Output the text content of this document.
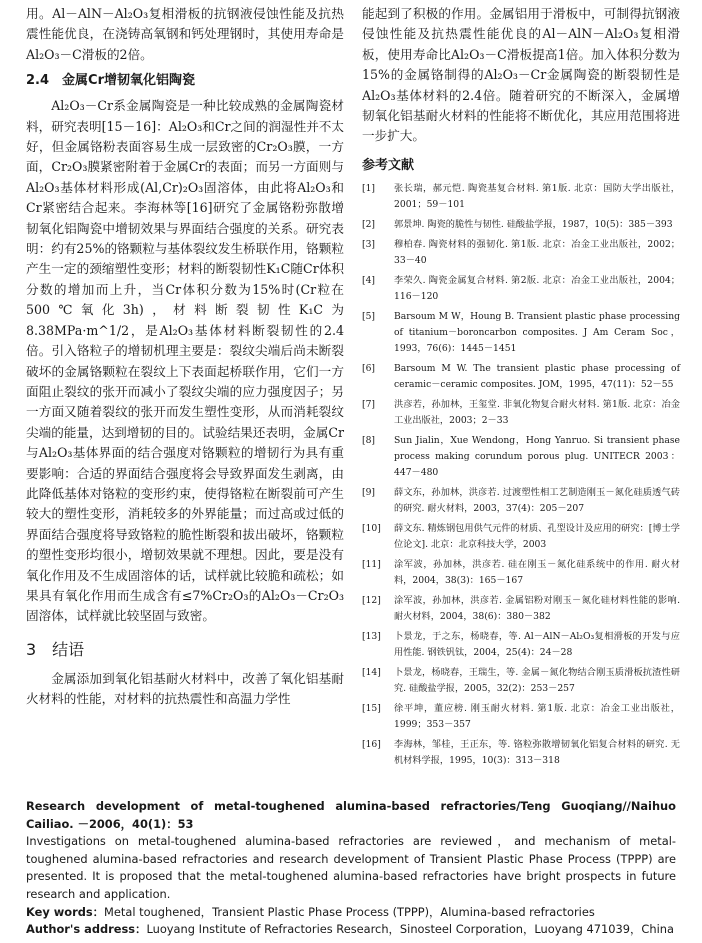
用。Al－AlN－Al₂O₃复相滑板的抗钢液侵蚀性能及抗热震性能优良，在浇铸高氧钢和钙处理钢时，其使用寿命是Al₂O₃－C滑板的2倍。

2.4　金属Cr增韧氧化铝陶瓷

Al₂O₃－Cr系金属陶瓷是一种比较成熟的金属陶瓷材料，研究表明[15－16]：Al₂O₃和Cr之间的润湿性并不太好，但金属铬粉表面容易生成一层致密的Cr₂O₃膜，一方面，Cr₂O₃膜紧密附着于金属Cr的表面；而另一方面则与Al₂O₃基体材料形成(Al,Cr)₂O₃固溶体，由此将Al₂O₃和Cr紧密结合起来。李海林等[16]研究了金属铬粉弥散增韧氧化铝陶瓷中增韧效果与界面结合强度的关系。研究表明：约有25%的铬颗粒与基体裂纹发生桥联作用，铬颗粒产生一定的颈缩塑性变形；材料的断裂韧性K₁C随Cr体积分数的增加而上升，当Cr体积分数为15%时(Cr粒在500℃氧化3h)，材料断裂韧性K₁C为8.38MPa·m^1/2，是Al₂O₃基体材料断裂韧性的2.4倍。引入铬粒子的增韧机理主要是：裂纹尖端后尚未断裂破坏的金属铬颗粒在裂纹上下表面起桥联作用，它们一方面阻止裂纹的张开而减小了裂纹尖端的应力强度因子；另一方面又随着裂纹的张开而发生塑性变形，从而消耗裂纹尖端的能量，达到增韧的目的。试验结果还表明，金属Cr与Al₂O₃基体界面的结合强度对铬颗粒的增韧行为具有重要影响：合适的界面结合强度将会导致界面发生剥离，由此降低基体对铬粒的变形约束，使得铬粒在断裂前可产生较大的塑性变形，消耗较多的外界能量；而过高或过低的界面结合强度将导致铬粒的脆性断裂和拔出破坏，铬颗粒的塑性变形均很小，增韧效果就不理想。因此，要是没有氧化作用及不生成固溶体的话，试样就比较脆和疏松；如果具有氧化作用而生成含有≤7%Cr₂O₃的Al₂O₃－Cr₂O₃固溶体，试样就比较坚固与致密。

3　结语

金属添加到氧化铝基耐火材料中，改善了氧化铝基耐火材料的性能，对材料的抗热震性和高温力学性

能起到了积极的作用。金属铝用于滑板中，可制得抗钢液侵蚀性能及抗热震性能优良的Al－AlN－Al₂O₃复相滑板，使用寿命比Al₂O₃－C滑板提高1倍。加入体积分数为15%的金属铬制得的Al₂O₃－Cr金属陶瓷的断裂韧性是Al₂O₃基体材料的2.4倍。随着研究的不断深入，金属增韧氧化铝基耐火材料的性能将不断优化，其应用范围将进一步扩大。

参考文献
[1]	张长瑞，郝元恺. 陶瓷基复合材料. 第1版. 北京：国防大学出版社，2001；59－101
[2]	郭景坤. 陶瓷的脆性与韧性. 硅酸盐学报，1987，10(5)：385－393
[3]	穆柏春. 陶瓷材料的强韧化. 第1版. 北京：冶金工业出版社，2002；33－40
[4]	李荣久. 陶瓷金属复合材料. 第2版. 北京：冶金工业出版社，2004；116－120
[5]	Barsoum M W，Houng B. Transient plastic phase processing of titanium－boroncarbon composites. J Am Ceram Soc，1993，76(6)：1445－1451
[6]	Barsoum M W. The transient plastic phase processing of ceramic－ceramic composites. JOM，1995，47(11)：52－55
[7]	洪彦若，孙加林，王玺堂. 非氧化物复合耐火材料. 第1版. 北京：冶金工业出版社，2003；2－33
[8]	Sun Jialin，Xue Wendong，Hong Yanruo. Si transient phase process making corundum porous plug. UNITECR 2003：447－480
[9]	薛文东，孙加林，洪彦若. 过渡塑性相工艺制造刚玉－氮化硅质透气砖的研究. 耐火材料，2003，37(4)：205－207
[10]	薛文东. 精炼钢包用供气元件的材质、孔型设计及应用的研究：[博士学位论文]. 北京：北京科技大学，2003
[11]	涂军波，孙加林，洪彦若. 硅在刚玉－氮化硅系统中的作用. 耐火材料，2004，38(3)：165－167
[12]	涂军波，孙加林，洪彦若. 金属铝粉对刚玉－氮化硅材料性能的影响. 耐火材料，2004，38(6)：380－382
[13]	卜景龙，于之东，杨晓春，等. Al－AlN－Al₂O₃复相滑板的开发与应用性能. 钢铁钒钛，2004，25(4)：24－28
[14]	卜景龙，杨晓春，王瑞生，等. 金属－氮化物结合刚玉质滑板抗渣性研究. 硅酸盐学报，2005，32(2)：253－257
[15]	徐平坤，董应榜. 刚玉耐火材料. 第1版. 北京：冶金工业出版社，1999；353－357
[16]	李海林，邹桂，王正东，等. 铬粒弥散增韧氧化铝复合材料的研究. 无机材料学报，1995，10(3)：313－318

Research development of metal-toughened alumina-based refractories/Teng Guoqiang//Naihuo Cailiao. －2006，40(1)：53

Investigations on metal-toughened alumina-based refractories are reviewed，and mechanism of metal-toughened alumina-based refractories and research development of Transient Plastic Phase Process (TPPP) are presented. It is proposed that the metal-toughened alumina-based refractories have bright prospects in future research and application.

Key words：Metal toughened，Transient Plastic Phase Process (TPPP)，Alumina-based refractories

Author's address：Luoyang Institute of Refractories Research，Sinosteel Corporation，Luoyang 471039，China
